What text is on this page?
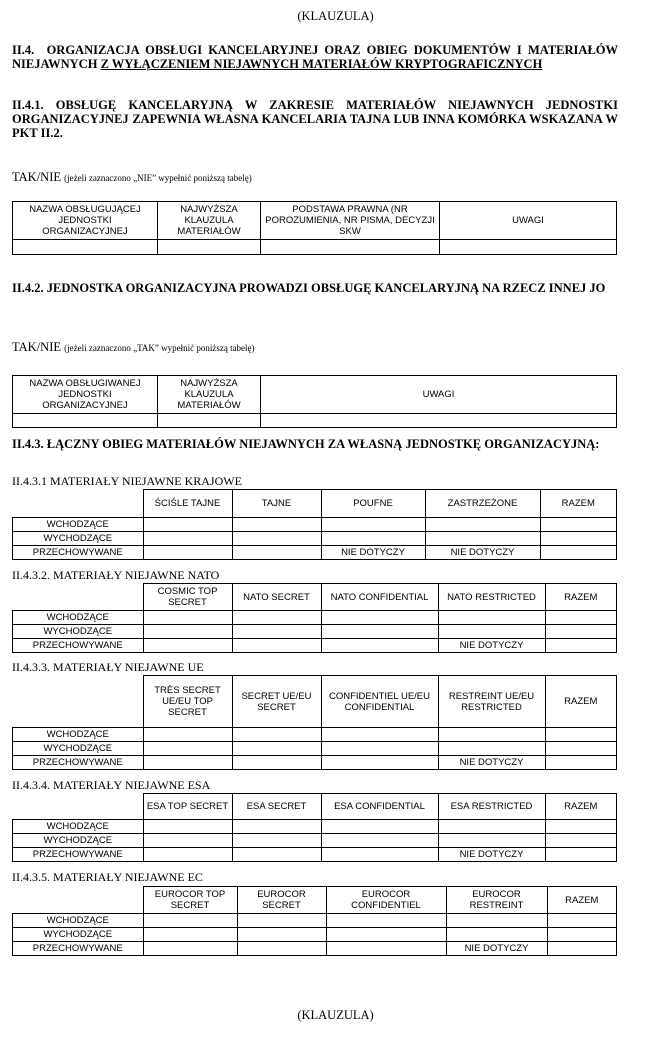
(KLAUZULA)
II.4. ORGANIZACJA OBSŁUGI KANCELARYJNEJ ORAZ OBIEG DOKUMENTÓW I MATERIAŁÓW NIEJAWNYCH Z WYŁĄCZENIEM NIEJAWNYCH MATERIAŁÓW KRYPTOGRAFICZNYCH
II.4.1. OBSŁUGĘ KANCELARYJNĄ W ZAKRESIE MATERIAŁÓW NIEJAWNYCH JEDNOSTKI ORGANIZACYJNEJ ZAPEWNIA WŁASNA KANCELARIA TAJNA LUB INNA KOMÓRKA WSKAZANA W PKT II.2.
TAK/NIE (jeżeli zaznaczono „NIE” wypełnić poniższą tabelę)
NAZWA OBSŁUGUJĄCEJ JEDNOSTKI ORGANIZACYJNEJ	NAJWYŻSZA KLAUZULA MATERIAŁÓW	PODSTAWA PRAWNA (NR POROZUMIENIA, NR PISMA, DECYZJI SKW	UWAGI

II.4.2. JEDNOSTKA ORGANIZACYJNA PROWADZI OBSŁUGĘ KANCELARYJNĄ NA RZECZ INNEJ JO
TAK/NIE (jeżeli zaznaczono „TAK” wypełnić poniższą tabelę)
NAZWA OBSŁUGIWANEJ JEDNOSTKI ORGANIZACYJNEJ	NAJWYŻSZA KLAUZULA MATERIAŁÓW	UWAGI

II.4.3. ŁĄCZNY OBIEG MATERIAŁÓW NIEJAWNYCH ZA WŁASNĄ JEDNOSTKĘ ORGANIZACYJNĄ:
II.4.3.1 MATERIAŁY NIEJAWNE KRAJOWE
	ŚCIŚLE TAJNE	TAJNE	POUFNE	ZASTRZEŻONE	RAZEM
WCHODZĄCE					
WYCHODZĄCE					
PRZECHOWYWANE			NIE DOTYCZY	NIE DOTYCZY	
II.4.3.2. MATERIAŁY NIEJAWNE NATO
	COSMIC TOP SECRET	NATO SECRET	NATO CONFIDENTIAL	NATO RESTRICTED	RAZEM
WCHODZĄCE					
WYCHODZĄCE					
PRZECHOWYWANE				NIE DOTYCZY	
II.4.3.3. MATERIAŁY NIEJAWNE UE
	TRÈS SECRET UE/EU TOP SECRET	SECRET UE/EU SECRET	CONFIDENTIEL UE/EU CONFIDENTIAL	RESTREINT UE/EU RESTRICTED	RAZEM
WCHODZĄCE					
WYCHODZĄCE					
PRZECHOWYWANE				NIE DOTYCZY	
II.4.3.4. MATERIAŁY NIEJAWNE ESA
	ESA TOP SECRET	ESA SECRET	ESA CONFIDENTIAL	ESA RESTRICTED	RAZEM
WCHODZĄCE					
WYCHODZĄCE					
PRZECHOWYWANE				NIE DOTYCZY	
II.4.3.5. MATERIAŁY NIEJAWNE EC
	EUROCOR TOP SECRET	EUROCOR SECRET	EUROCOR CONFIDENTIEL	EUROCOR RESTREINT	RAZEM
WCHODZĄCE					
WYCHODZĄCE					
PRZECHOWYWANE				NIE DOTYCZY	
(KLAUZULA)
